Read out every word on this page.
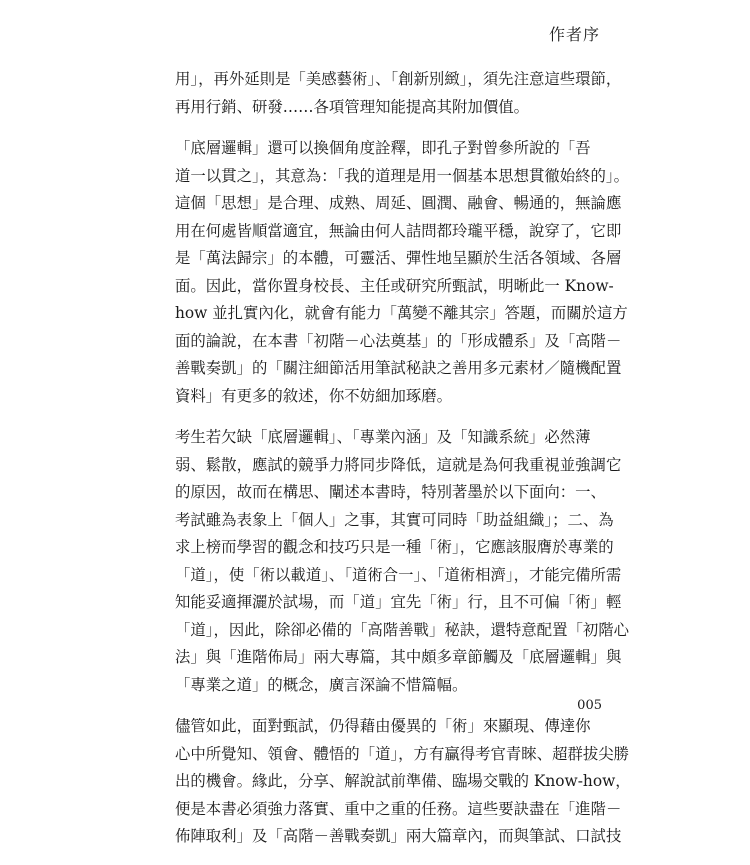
作者序
用」，再外延則是「美感藝術」、「創新別緻」，須先注意這些環節，
再用行銷、研發……各項管理知能提高其附加價值。
「底層邏輯」還可以換個角度詮釋，即孔子對曾參所說的「吾
道一以貫之」，其意為：「我的道理是用一個基本思想貫徹始終的」。
這個「思想」是合理、成熟、周延、圓潤、融會、暢通的，無論應
用在何處皆順當適宜，無論由何人詰問都玲瓏平穩，說穿了，它即
是「萬法歸宗」的本體，可靈活、彈性地呈顯於生活各領域、各層
面。因此，當你置身校長、主任或研究所甄試，明晰此一 Know-
how 並扎實內化，就會有能力「萬變不離其宗」答題，而關於這方
面的論說，在本書「初階－心法奠基」的「形成體系」及「高階－
善戰奏凱」的「關注細節活用筆試秘訣之善用多元素材／隨機配置
資料」有更多的敘述，你不妨細加琢磨。
考生若欠缺「底層邏輯」、「專業內涵」及「知識系統」必然薄
弱、鬆散，應試的競爭力將同步降低，這就是為何我重視並強調它
的原因，故而在構思、闡述本書時，特別著墨於以下面向：一、
考試雖為表象上「個人」之事，其實可同時「助益組織」；二、為
求上榜而學習的觀念和技巧只是一種「術」，它應該服膺於專業的
「道」，使「術以載道」、「道術合一」、「道術相濟」，才能完備所需
知能妥適揮灑於試場，而「道」宜先「術」行，且不可偏「術」輕
「道」，因此，除卻必備的「高階善戰」秘訣，還特意配置「初階心
法」與「進階佈局」兩大專篇，其中頗多章節觸及「底層邏輯」與
「專業之道」的概念，廣言深論不惜篇幅。
儘管如此，面對甄試，仍得藉由優異的「術」來顯現、傳達你
心中所覺知、領會、體悟的「道」，方有贏得考官青睞、超群拔尖勝
出的機會。緣此，分享、解說試前準備、臨場交戰的 Know-how，
便是本書必須強力落實、重中之重的任務。這些要訣盡在「進階－
佈陣取利」及「高階－善戰奏凱」兩大篇章內，而與筆試、口試技
005
